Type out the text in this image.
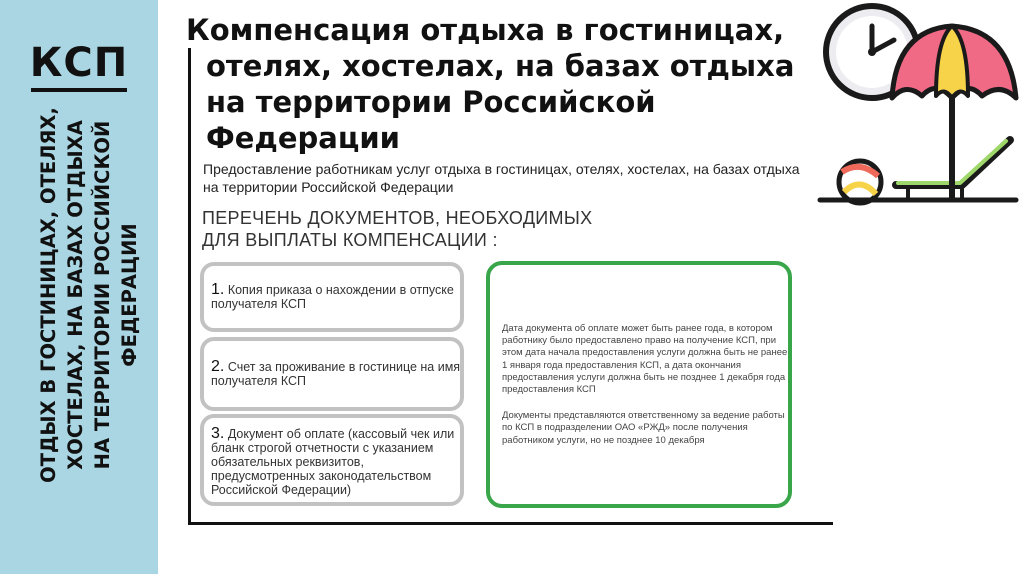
КСП
ОТДЫХ В ГОСТИНИЦАХ, ОТЕЛЯХ, ХОСТЕЛАХ, НА БАЗАХ ОТДЫХА НА ТЕРРИТОРИИ РОССИЙСКОЙ ФЕДЕРАЦИИ
Компенсация отдыха в гостиницах,
отелях, хостелах, на базах отдыха
на территории Российской
Федерации
Предоставление работникам услуг отдыха в гостиницах, отелях, хостелах, на базах отдыха
на территории Российской Федерации
ПЕРЕЧЕНЬ ДОКУМЕНТОВ, НЕОБХОДИМЫХ
ДЛЯ ВЫПЛАТЫ КОМПЕНСАЦИИ :
1. Копия приказа о нахождении в отпуске
получателя КСП
2. Счет за проживание в гостинице на имя
получателя КСП
3. Документ об оплате (кассовый чек или
бланк строгой отчетности с указанием
обязательных реквизитов,
предусмотренных законодательством
Российской Федерации)
Дата документа об оплате может быть ранее года, в котором
работнику было предоставлено право на получение КСП, при
этом дата начала предоставления услуги должна быть не ранее
1 января года предоставления КСП, а дата окончания
предоставления услуги должна быть не позднее 1 декабря года
предоставления КСП
Документы представляются ответственному за ведение работы
по КСП в подразделении ОАО «РЖД» после получения
работником услуги, но не позднее 10 декабря
